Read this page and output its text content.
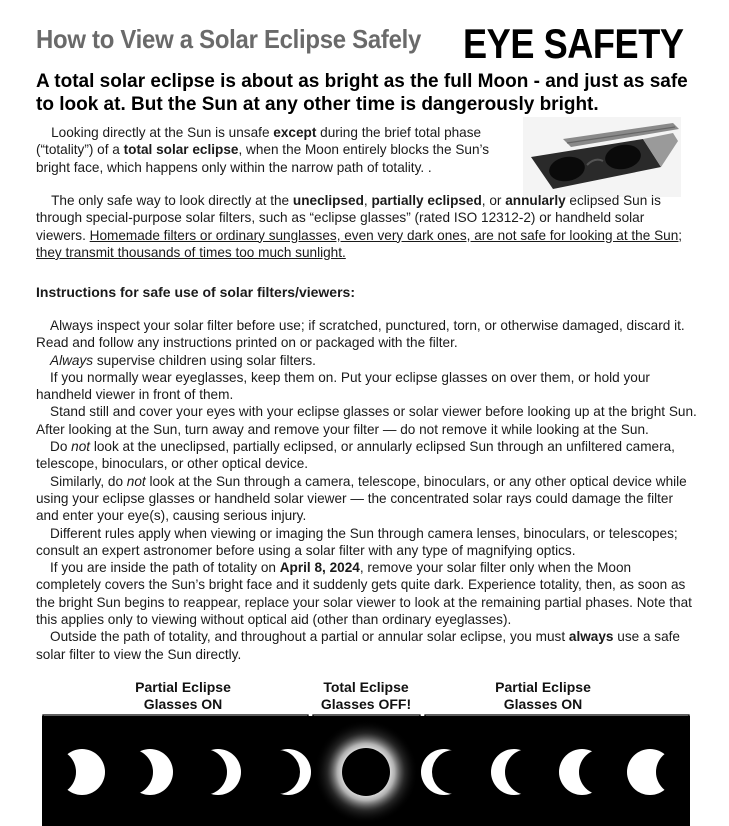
How to View a Solar Eclipse Safely EYE SAFETY
A total solar eclipse is about as bright as the full Moon - and just as safe to look at. But the Sun at any other time is dangerously bright.
Looking directly at the Sun is unsafe except during the brief total phase (“totality”) of a total solar eclipse, when the Moon entirely blocks the Sun’s bright face, which happens only within the narrow path of totality. .
The only safe way to look directly at the uneclipsed, partially eclipsed, or annularly eclipsed Sun is through special-purpose solar filters, such as “eclipse glasses” (rated ISO 12312-2) or handheld solar viewers. Homemade filters or ordinary sunglasses, even very dark ones, are not safe for looking at the Sun; they transmit thousands of times too much sunlight.
Instructions for safe use of solar filters/viewers:

Always inspect your solar filter before use; if scratched, punctured, torn, or otherwise damaged, discard it. Read and follow any instructions printed on or packaged with the filter.

Always supervise children using solar filters.

If you normally wear eyeglasses, keep them on. Put your eclipse glasses on over them, or hold your handheld viewer in front of them.

Stand still and cover your eyes with your eclipse glasses or solar viewer before looking up at the bright Sun. After looking at the Sun, turn away and remove your filter — do not remove it while looking at the Sun.

Do not look at the uneclipsed, partially eclipsed, or annularly eclipsed Sun through an unfiltered camera, telescope, binoculars, or other optical device.

Similarly, do not look at the Sun through a camera, telescope, binoculars, or any other optical device while using your eclipse glasses or handheld solar viewer — the concentrated solar rays could damage the filter and enter your eye(s), causing serious injury.

Different rules apply when viewing or imaging the Sun through camera lenses, binoculars, or telescopes; consult an expert astronomer before using a solar filter with any type of magnifying optics.

If you are inside the path of totality on April 8, 2024, remove your solar filter only when the Moon completely covers the Sun’s bright face and it suddenly gets quite dark. Experience totality, then, as soon as the bright Sun begins to reappear, replace your solar viewer to look at the remaining partial phases. Note that this applies only to viewing without optical aid (other than ordinary eyeglasses).

Outside the path of totality, and throughout a partial or annular solar eclipse, you must always use a safe solar filter to view the Sun directly.

Partial Eclipse
Glasses ON
Total Eclipse
Glasses OFF!
Partial Eclipse
Glasses ON
